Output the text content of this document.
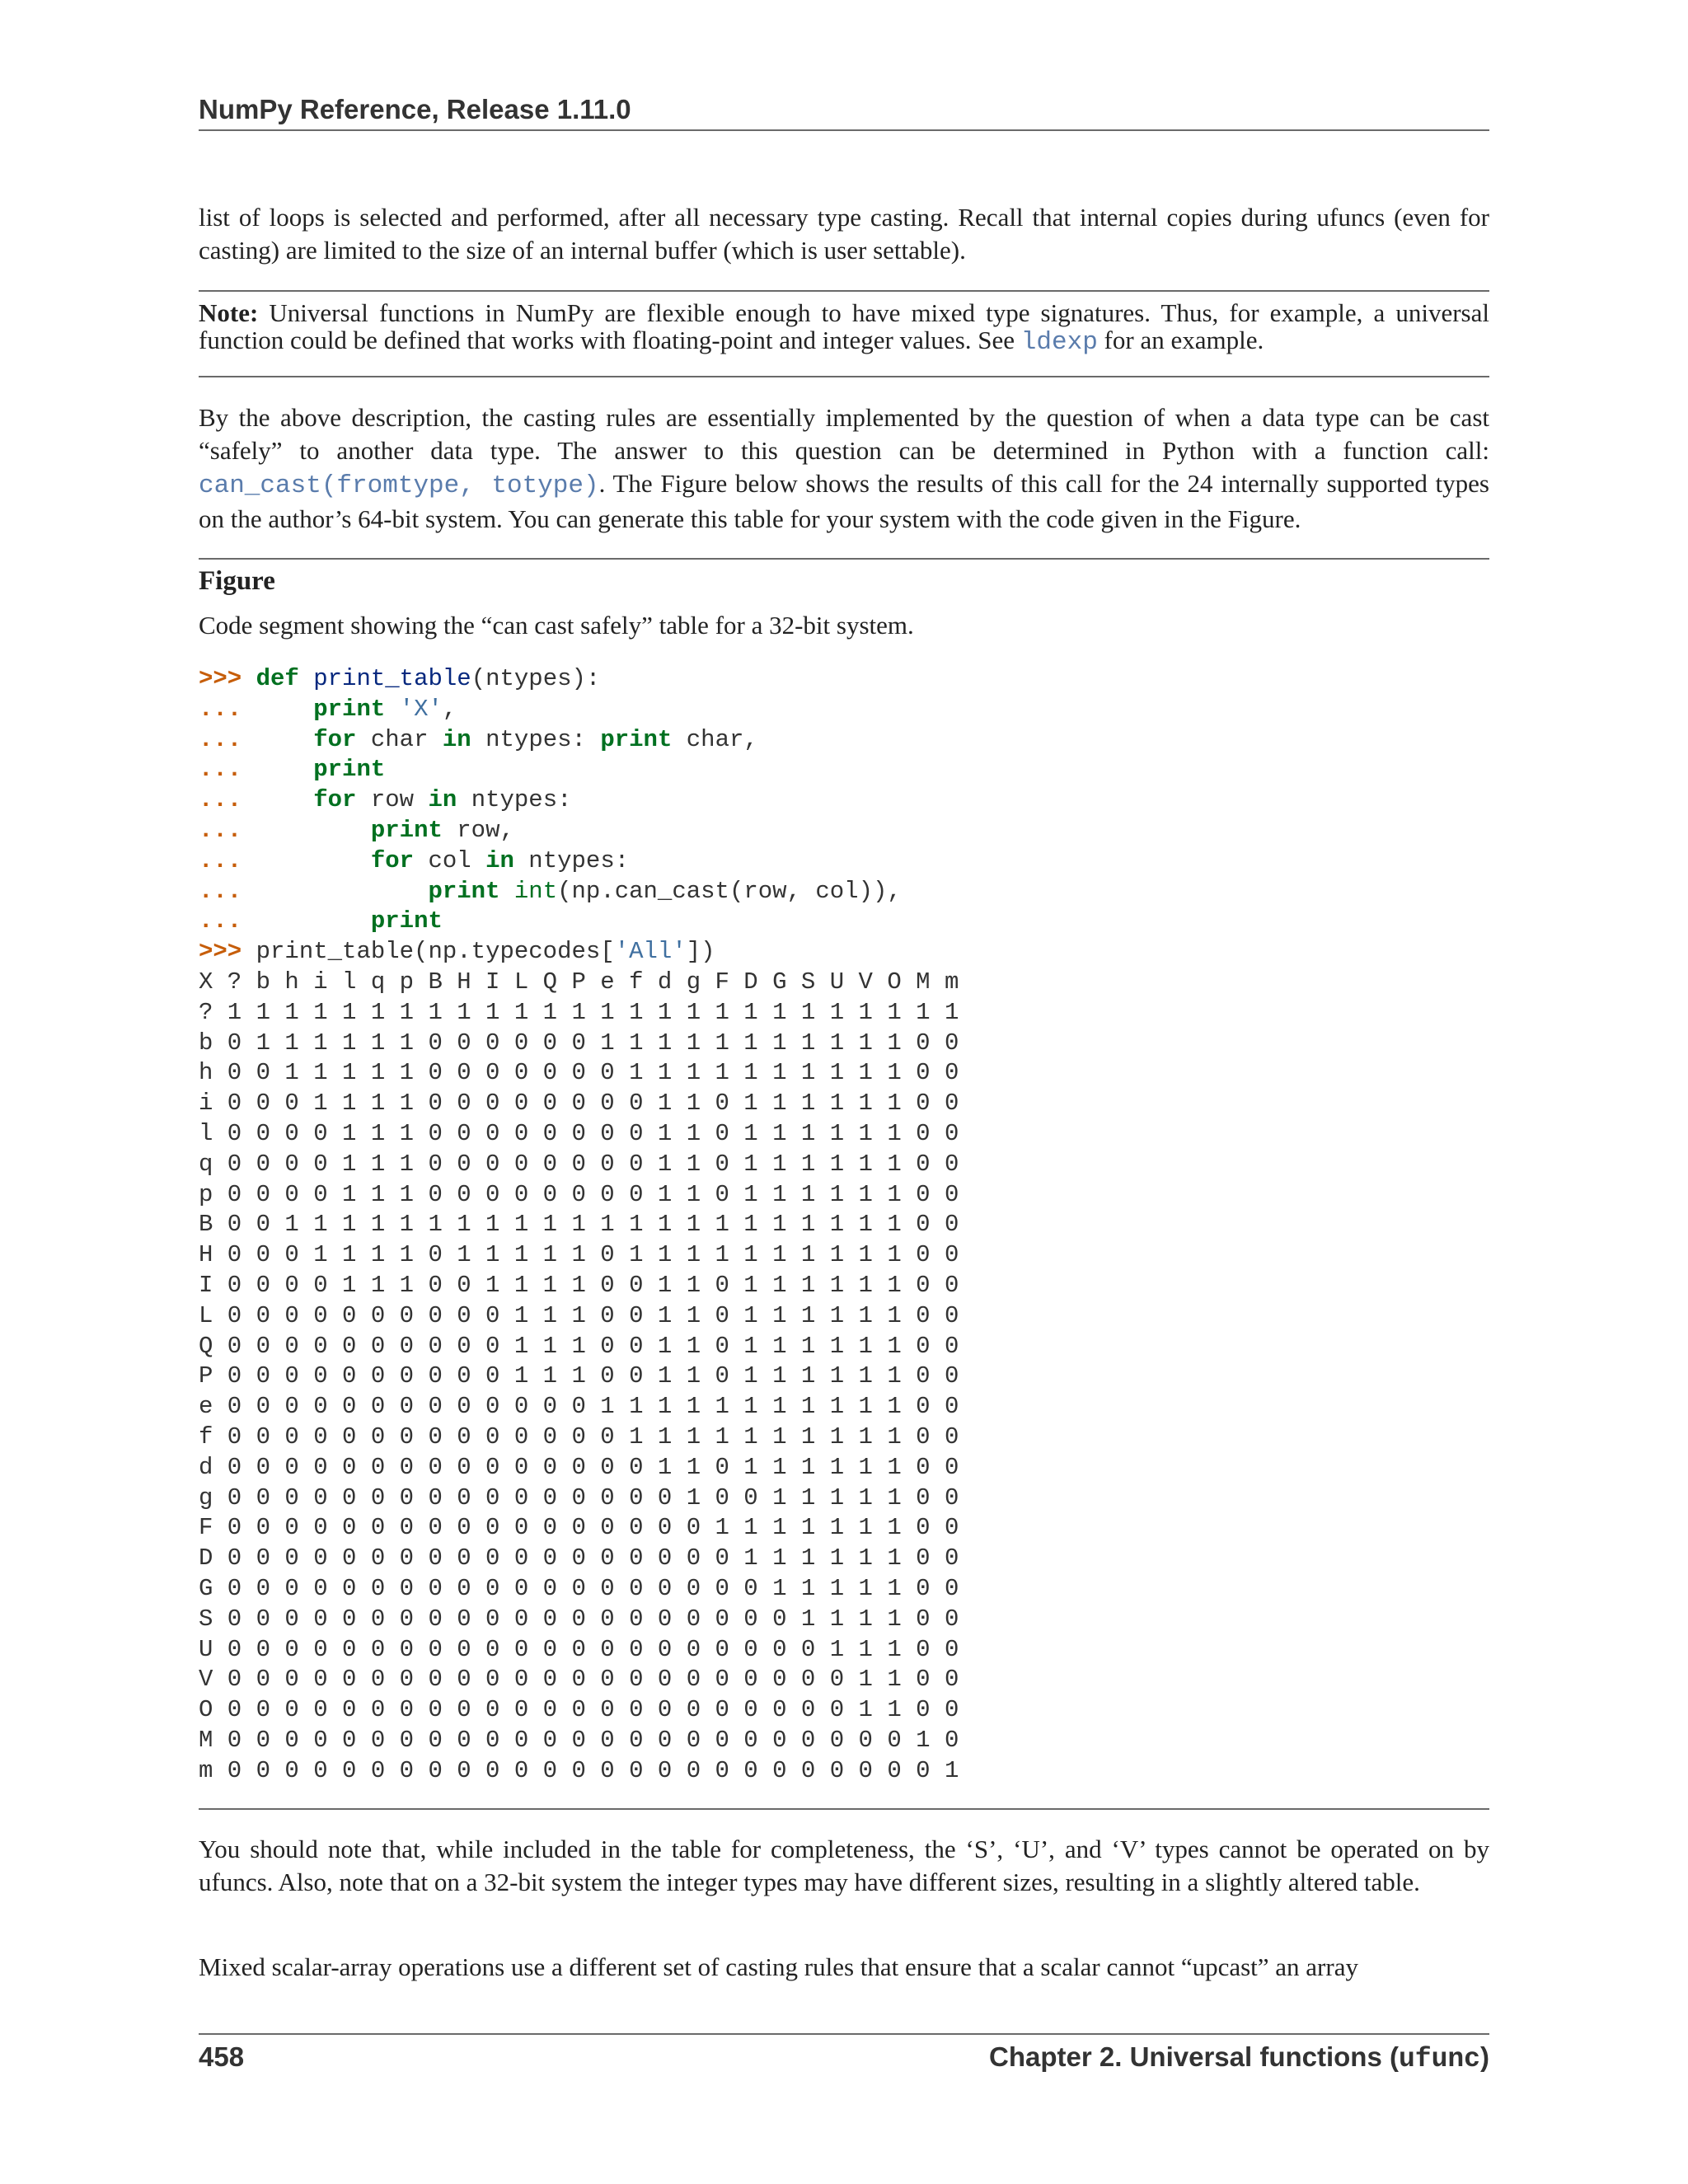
NumPy Reference, Release 1.11.0

list of loops is selected and performed, after all necessary type casting. Recall that internal copies during ufuncs (even for casting) are limited to the size of an internal buffer (which is user settable).

Note: Universal functions in NumPy are flexible enough to have mixed type signatures. Thus, for example, a universal function could be defined that works with floating-point and integer values. See ldexp for an example.

By the above description, the casting rules are essentially implemented by the question of when a data type can be cast “safely” to another data type. The answer to this question can be determined in Python with a function call: can_cast(fromtype, totype). The Figure below shows the results of this call for the 24 internally supported types on the author’s 64-bit system. You can generate this table for your system with the code given in the Figure.

Figure
Code segment showing the “can cast safely” table for a 32-bit system.
>>> def print_table(ntypes):
...     print 'X',
...     for char in ntypes: print char,
...     print
...     for row in ntypes:
...	print row,
...	for col in ntypes:
...	print int(np.can_cast(row, col)),
...	print
>>> print_table(np.typecodes['All'])
X ? b h i l q p B H I L Q P e f d g F D G S U V O M m
? 1 1 1 1 1 1 1 1 1 1 1 1 1 1 1 1 1 1 1 1 1 1 1 1 1 1
b 0 1 1 1 1 1 1 0 0 0 0 0 0 1 1 1 1 1 1 1 1 1 1 1 0 0
h 0 0 1 1 1 1 1 0 0 0 0 0 0 0 1 1 1 1 1 1 1 1 1 1 0 0
i 0 0 0 1 1 1 1 0 0 0 0 0 0 0 0 1 1 0 1 1 1 1 1 1 0 0
l 0 0 0 0 1 1 1 0 0 0 0 0 0 0 0 1 1 0 1 1 1 1 1 1 0 0
q 0 0 0 0 1 1 1 0 0 0 0 0 0 0 0 1 1 0 1 1 1 1 1 1 0 0
p 0 0 0 0 1 1 1 0 0 0 0 0 0 0 0 1 1 0 1 1 1 1 1 1 0 0
B 0 0 1 1 1 1 1 1 1 1 1 1 1 1 1 1 1 1 1 1 1 1 1 1 0 0
H 0 0 0 1 1 1 1 0 1 1 1 1 1 0 1 1 1 1 1 1 1 1 1 1 0 0
I 0 0 0 0 1 1 1 0 0 1 1 1 1 0 0 1 1 0 1 1 1 1 1 1 0 0
L 0 0 0 0 0 0 0 0 0 0 1 1 1 0 0 1 1 0 1 1 1 1 1 1 0 0
Q 0 0 0 0 0 0 0 0 0 0 1 1 1 0 0 1 1 0 1 1 1 1 1 1 0 0
P 0 0 0 0 0 0 0 0 0 0 1 1 1 0 0 1 1 0 1 1 1 1 1 1 0 0
e 0 0 0 0 0 0 0 0 0 0 0 0 0 1 1 1 1 1 1 1 1 1 1 1 0 0
f 0 0 0 0 0 0 0 0 0 0 0 0 0 0 1 1 1 1 1 1 1 1 1 1 0 0
d 0 0 0 0 0 0 0 0 0 0 0 0 0 0 0 1 1 0 1 1 1 1 1 1 0 0
g 0 0 0 0 0 0 0 0 0 0 0 0 0 0 0 0 1 0 0 1 1 1 1 1 0 0
F 0 0 0 0 0 0 0 0 0 0 0 0 0 0 0 0 0 1 1 1 1 1 1 1 0 0
D 0 0 0 0 0 0 0 0 0 0 0 0 0 0 0 0 0 0 1 1 1 1 1 1 0 0
G 0 0 0 0 0 0 0 0 0 0 0 0 0 0 0 0 0 0 0 1 1 1 1 1 0 0
S 0 0 0 0 0 0 0 0 0 0 0 0 0 0 0 0 0 0 0 0 1 1 1 1 0 0
U 0 0 0 0 0 0 0 0 0 0 0 0 0 0 0 0 0 0 0 0 0 1 1 1 0 0
V 0 0 0 0 0 0 0 0 0 0 0 0 0 0 0 0 0 0 0 0 0 0 1 1 0 0
O 0 0 0 0 0 0 0 0 0 0 0 0 0 0 0 0 0 0 0 0 0 0 1 1 0 0
M 0 0 0 0 0 0 0 0 0 0 0 0 0 0 0 0 0 0 0 0 0 0 0 0 1 0
m 0 0 0 0 0 0 0 0 0 0 0 0 0 0 0 0 0 0 0 0 0 0 0 0 0 1

You should note that, while included in the table for completeness, the ‘S’, ‘U’, and ‘V’ types cannot be operated on by ufuncs. Also, note that on a 32-bit system the integer types may have different sizes, resulting in a slightly altered table.

Mixed scalar-array operations use a different set of casting rules that ensure that a scalar cannot “upcast” an array

458	Chapter 2. Universal functions (ufunc)
